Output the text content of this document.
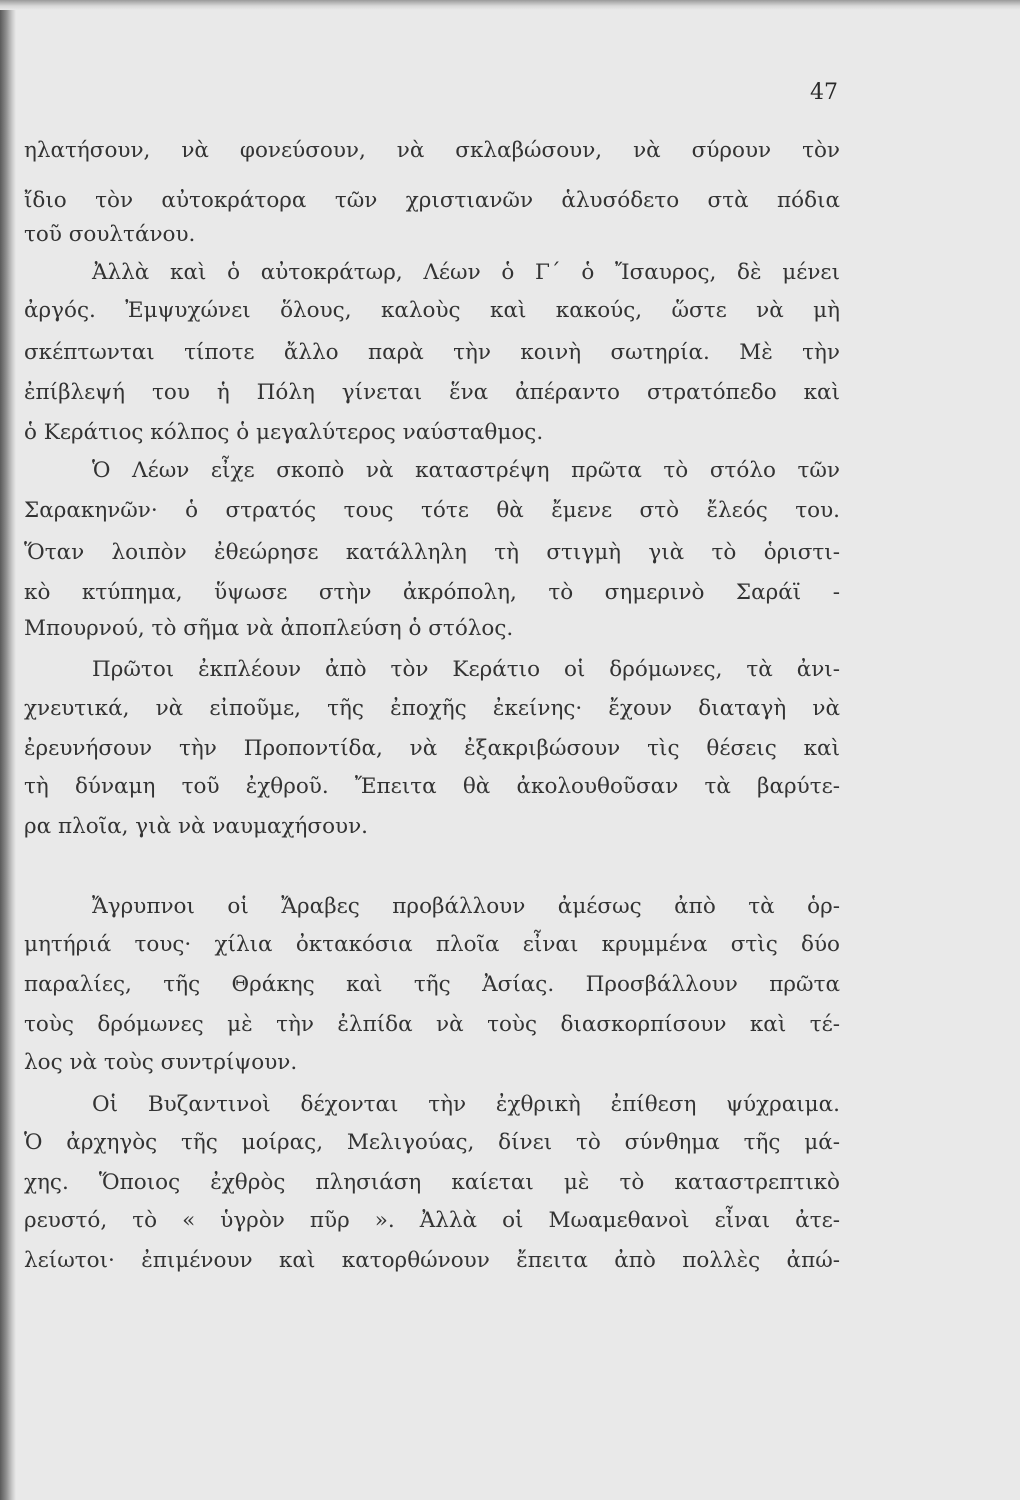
47
ηλατήσουν, νὰ φονεύσουν, νὰ σκλαβώσουν, νὰ σύρουν τὸν
ἴδιο τὸν αὐτοκράτορα τῶν χριστιανῶν ἁλυσόδετο στὰ πόδια
τοῦ σουλτάνου.
Ἀλλὰ καὶ ὁ αὐτοκράτωρ, Λέων ὁ Γ΄ ὁ Ἴσαυρος, δὲ μένει
ἀργός. Ἐμψυχώνει ὅλους, καλοὺς καὶ κακούς, ὥστε νὰ μὴ
σκέπτωνται τίποτε ἄλλο παρὰ τὴν κοινὴ σωτηρία. Μὲ τὴν
ἐπίβλεψή του ἡ Πόλη γίνεται ἕνα ἀπέραντο στρατόπεδο καὶ
ὁ Κεράτιος κόλπος ὁ μεγαλύτερος ναύσταθμος.
Ὁ Λέων εἶχε σκοπὸ νὰ καταστρέψη πρῶτα τὸ στόλο τῶν
Σαρακηνῶν· ὁ στρατός τους τότε θὰ ἔμενε στὸ ἔλεός του.
Ὅταν λοιπὸν ἐθεώρησε κατάλληλη τὴ στιγμὴ γιὰ τὸ ὁριστι-
κὸ κτύπημα, ὕψωσε στὴν ἀκρόπολη, τὸ σημερινὸ Σαράϊ -
Μπουρνού, τὸ σῆμα νὰ ἀποπλεύση ὁ στόλος.
Πρῶτοι ἐκπλέουν ἀπὸ τὸν Κεράτιο οἱ δρόμωνες, τὰ ἀνι-
χνευτικά, νὰ εἰποῦμε, τῆς ἐποχῆς ἐκείνης· ἔχουν διαταγὴ νὰ
ἐρευνήσουν τὴν Προποντίδα, νὰ ἐξακριβώσουν τὶς θέσεις καὶ
τὴ δύναμη τοῦ ἐχθροῦ. Ἔπειτα θὰ ἀκολουθοῦσαν τὰ βαρύτε-
ρα πλοῖα, γιὰ νὰ ναυμαχήσουν.
Ἄγρυπνοι οἱ Ἄραβες προβάλλουν ἀμέσως ἀπὸ τὰ ὁρ-
μητήριά τους· χίλια ὀκτακόσια πλοῖα εἶναι κρυμμένα στὶς δύο
παραλίες, τῆς Θράκης καὶ τῆς Ἀσίας. Προσβάλλουν πρῶτα
τοὺς δρόμωνες μὲ τὴν ἐλπίδα νὰ τοὺς διασκορπίσουν καὶ τέ-
λος νὰ τοὺς συντρίψουν.
Οἱ Βυζαντινοὶ δέχονται τὴν ἐχθρικὴ ἐπίθεση ψύχραιμα.
Ὁ ἀρχηγὸς τῆς μοίρας, Μελιγούας, δίνει τὸ σύνθημα τῆς μά-
χης. Ὅποιος ἐχθρὸς πλησιάση καίεται μὲ τὸ καταστρεπτικὸ
ρευστό, τὸ « ὑγρὸν πῦρ ». Ἀλλὰ οἱ Μωαμεθανοὶ εἶναι ἀτε-
λείωτοι· ἐπιμένουν καὶ κατορθώνουν ἔπειτα ἀπὸ πολλὲς ἀπώ-
